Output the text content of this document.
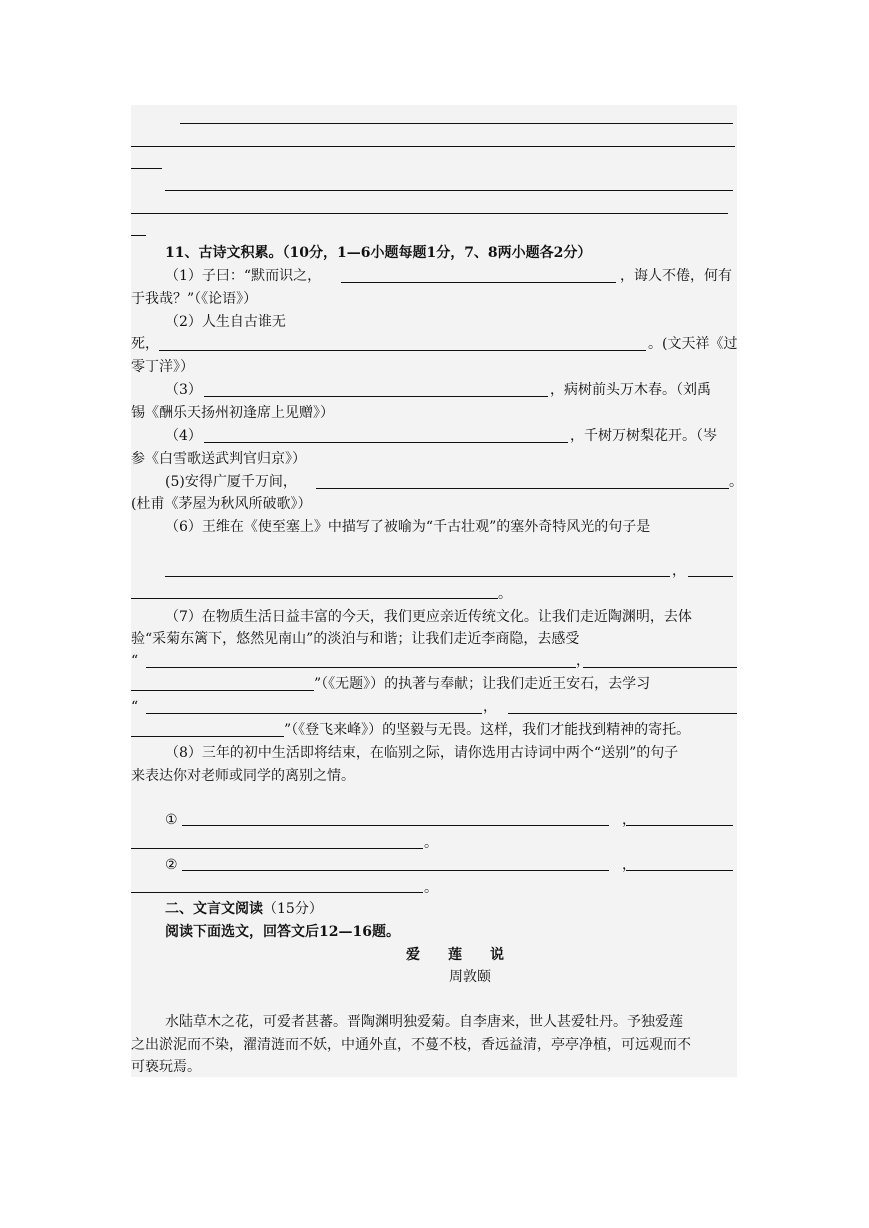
11、古诗文积累。（10分，1—6小题每题1分，7、8两小题各2分）
（1）子曰：“默而识之，	，诲人不倦，何有
于我哉？”（《论语》）
（2）人生自古谁无
死，	。(文天祥《过
零丁洋》）
（3）	，病树前头万木春。（刘禹
锡《酬乐天扬州初逢席上见赠》）
（4）	，千树万树梨花开。（岑
参《白雪歌送武判官归京》）
(5)安得广厦千万间，	。
(杜甫《茅屋为秋风所破歌》）
（6）王维在《使至塞上》中描写了被喻为“千古壮观”的塞外奇特风光的句子是
，
。
（7）在物质生活日益丰富的今天，我们更应亲近传统文化。让我们走近陶渊明，去体
验“采菊东篱下，悠然见南山”的淡泊与和谐；让我们走近李商隐，去感受
“	，
”（《无题》）的执著与奉献；让我们走近王安石，去学习
“	，
”（《登飞来峰》）的坚毅与无畏。这样，我们才能找到精神的寄托。
（8）三年的初中生活即将结束，在临别之际，请你选用古诗词中两个“送别”的句子
来表达你对老师或同学的离别之情。
①	，
。
②	，
。
二、文言文阅读（15分）
阅读下面选文，回答文后12—16题。
爱　　莲　　说
周敦颐
水陆草木之花，可爱者甚蕃。晋陶渊明独爱菊。自李唐来，世人甚爱牡丹。予独爱莲
之出淤泥而不染，濯清涟而不妖，中通外直，不蔓不枝，香远益清，亭亭净植，可远观而不
可亵玩焉。
